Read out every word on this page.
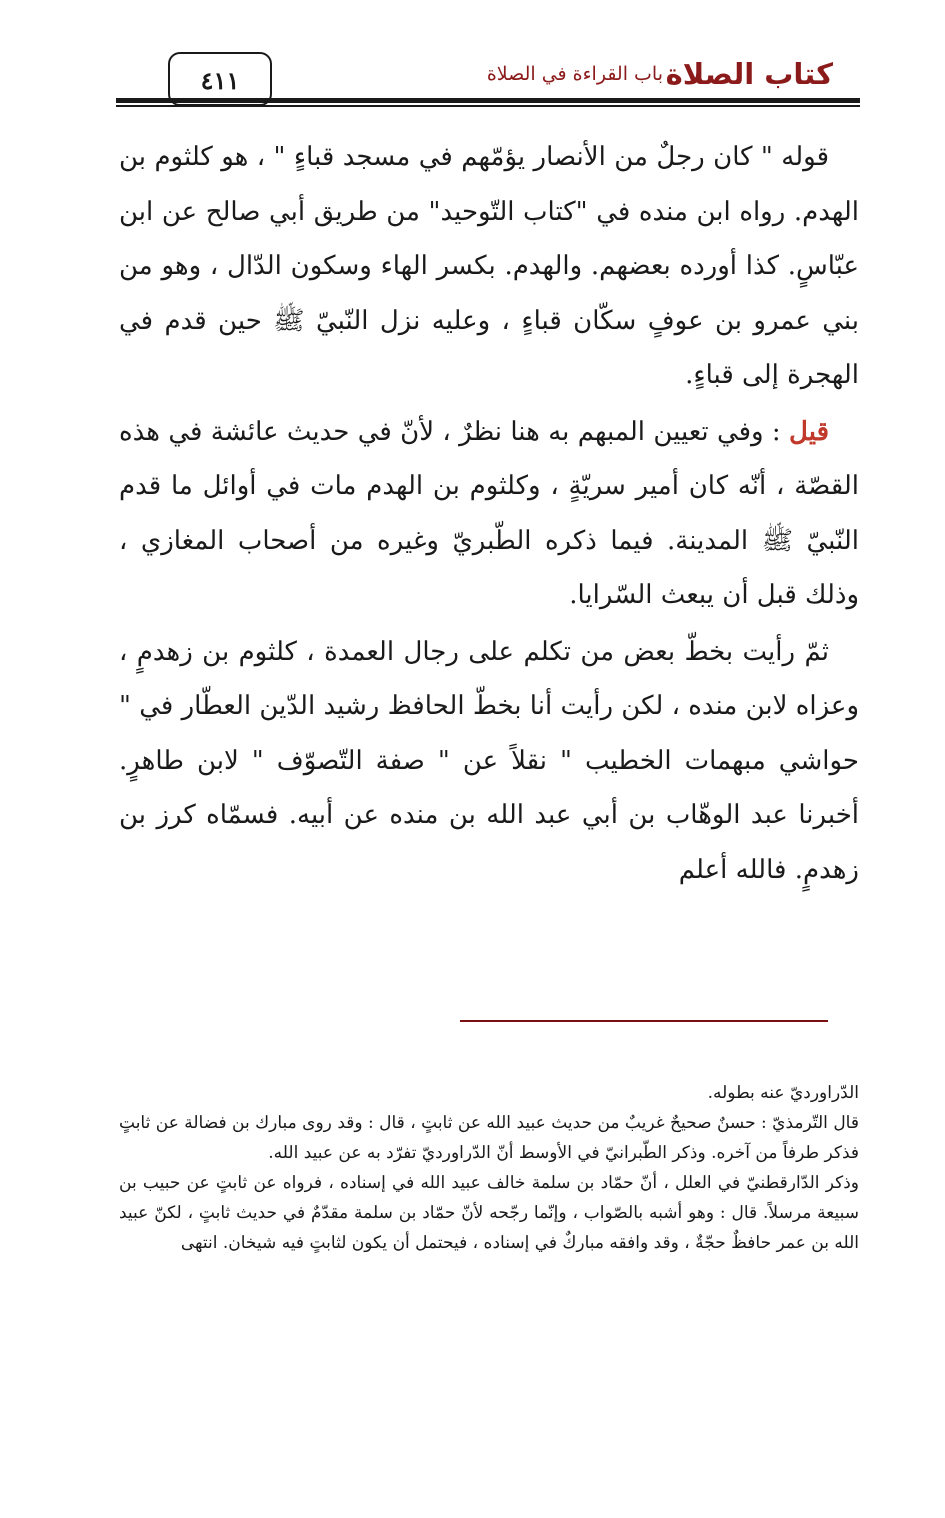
كتاب الصلاة
باب القراءة في الصلاة
٤١١

قوله " كان رجلٌ من الأنصار يؤمّهم في مسجد قباءٍ " ، هو كلثوم بن الهدم. رواه ابن منده في "كتاب التّوحيد" من طريق أبي صالح عن ابن عبّاسٍ. كذا أورده بعضهم. والهدم. بكسر الهاء وسكون الدّال ، وهو من بني عمرو بن عوفٍ سكّان قباءٍ ، وعليه نزل النّبيّ ﷺ حين قدم في الهجرة إلى قباءٍ.

قيل : وفي تعيين المبهم به هنا نظرٌ ، لأنّ في حديث عائشة في هذه القصّة ، أنّه كان أمير سريّةٍ ، وكلثوم بن الهدم مات في أوائل ما قدم النّبيّ ﷺ المدينة. فيما ذكره الطّبريّ وغيره من أصحاب المغازي ، وذلك قبل أن يبعث السّرايا.

ثمّ رأيت بخطّ بعض من تكلم على رجال العمدة ، كلثوم بن زهدمٍ ، وعزاه لابن منده ، لكن رأيت أنا بخطّ الحافظ رشيد الدّين العطّار في " حواشي مبهمات الخطيب " نقلاً عن " صفة التّصوّف " لابن طاهرٍ. أخبرنا عبد الوهّاب بن أبي عبد الله بن منده عن أبيه. فسمّاه كرز بن زهدمٍ. فالله أعلم

الدّراورديّ عنه بطوله.

قال التّرمذيّ : حسنٌ صحيحٌ غريبٌ من حديث عبيد الله عن ثابتٍ ، قال : وقد روى مبارك بن فضالة عن ثابتٍ فذكر طرفاً من آخره. وذكر الطّبرانيّ في الأوسط أنّ الدّراورديّ تفرّد به عن عبيد الله.

وذكر الدّارقطنيّ في العلل ، أنّ حمّاد بن سلمة خالف عبيد الله في إسناده ، فرواه عن ثابتٍ عن حبيب بن سبيعة مرسلاً. قال : وهو أشبه بالصّواب ، وإنّما رجّحه لأنّ حمّاد بن سلمة مقدّمٌ في حديث ثابتٍ ، لكنّ عبيد الله بن عمر حافظٌ حجّةٌ ، وقد وافقه مباركٌ في إسناده ، فيحتمل أن يكون لثابتٍ فيه شيخان. انتهى
